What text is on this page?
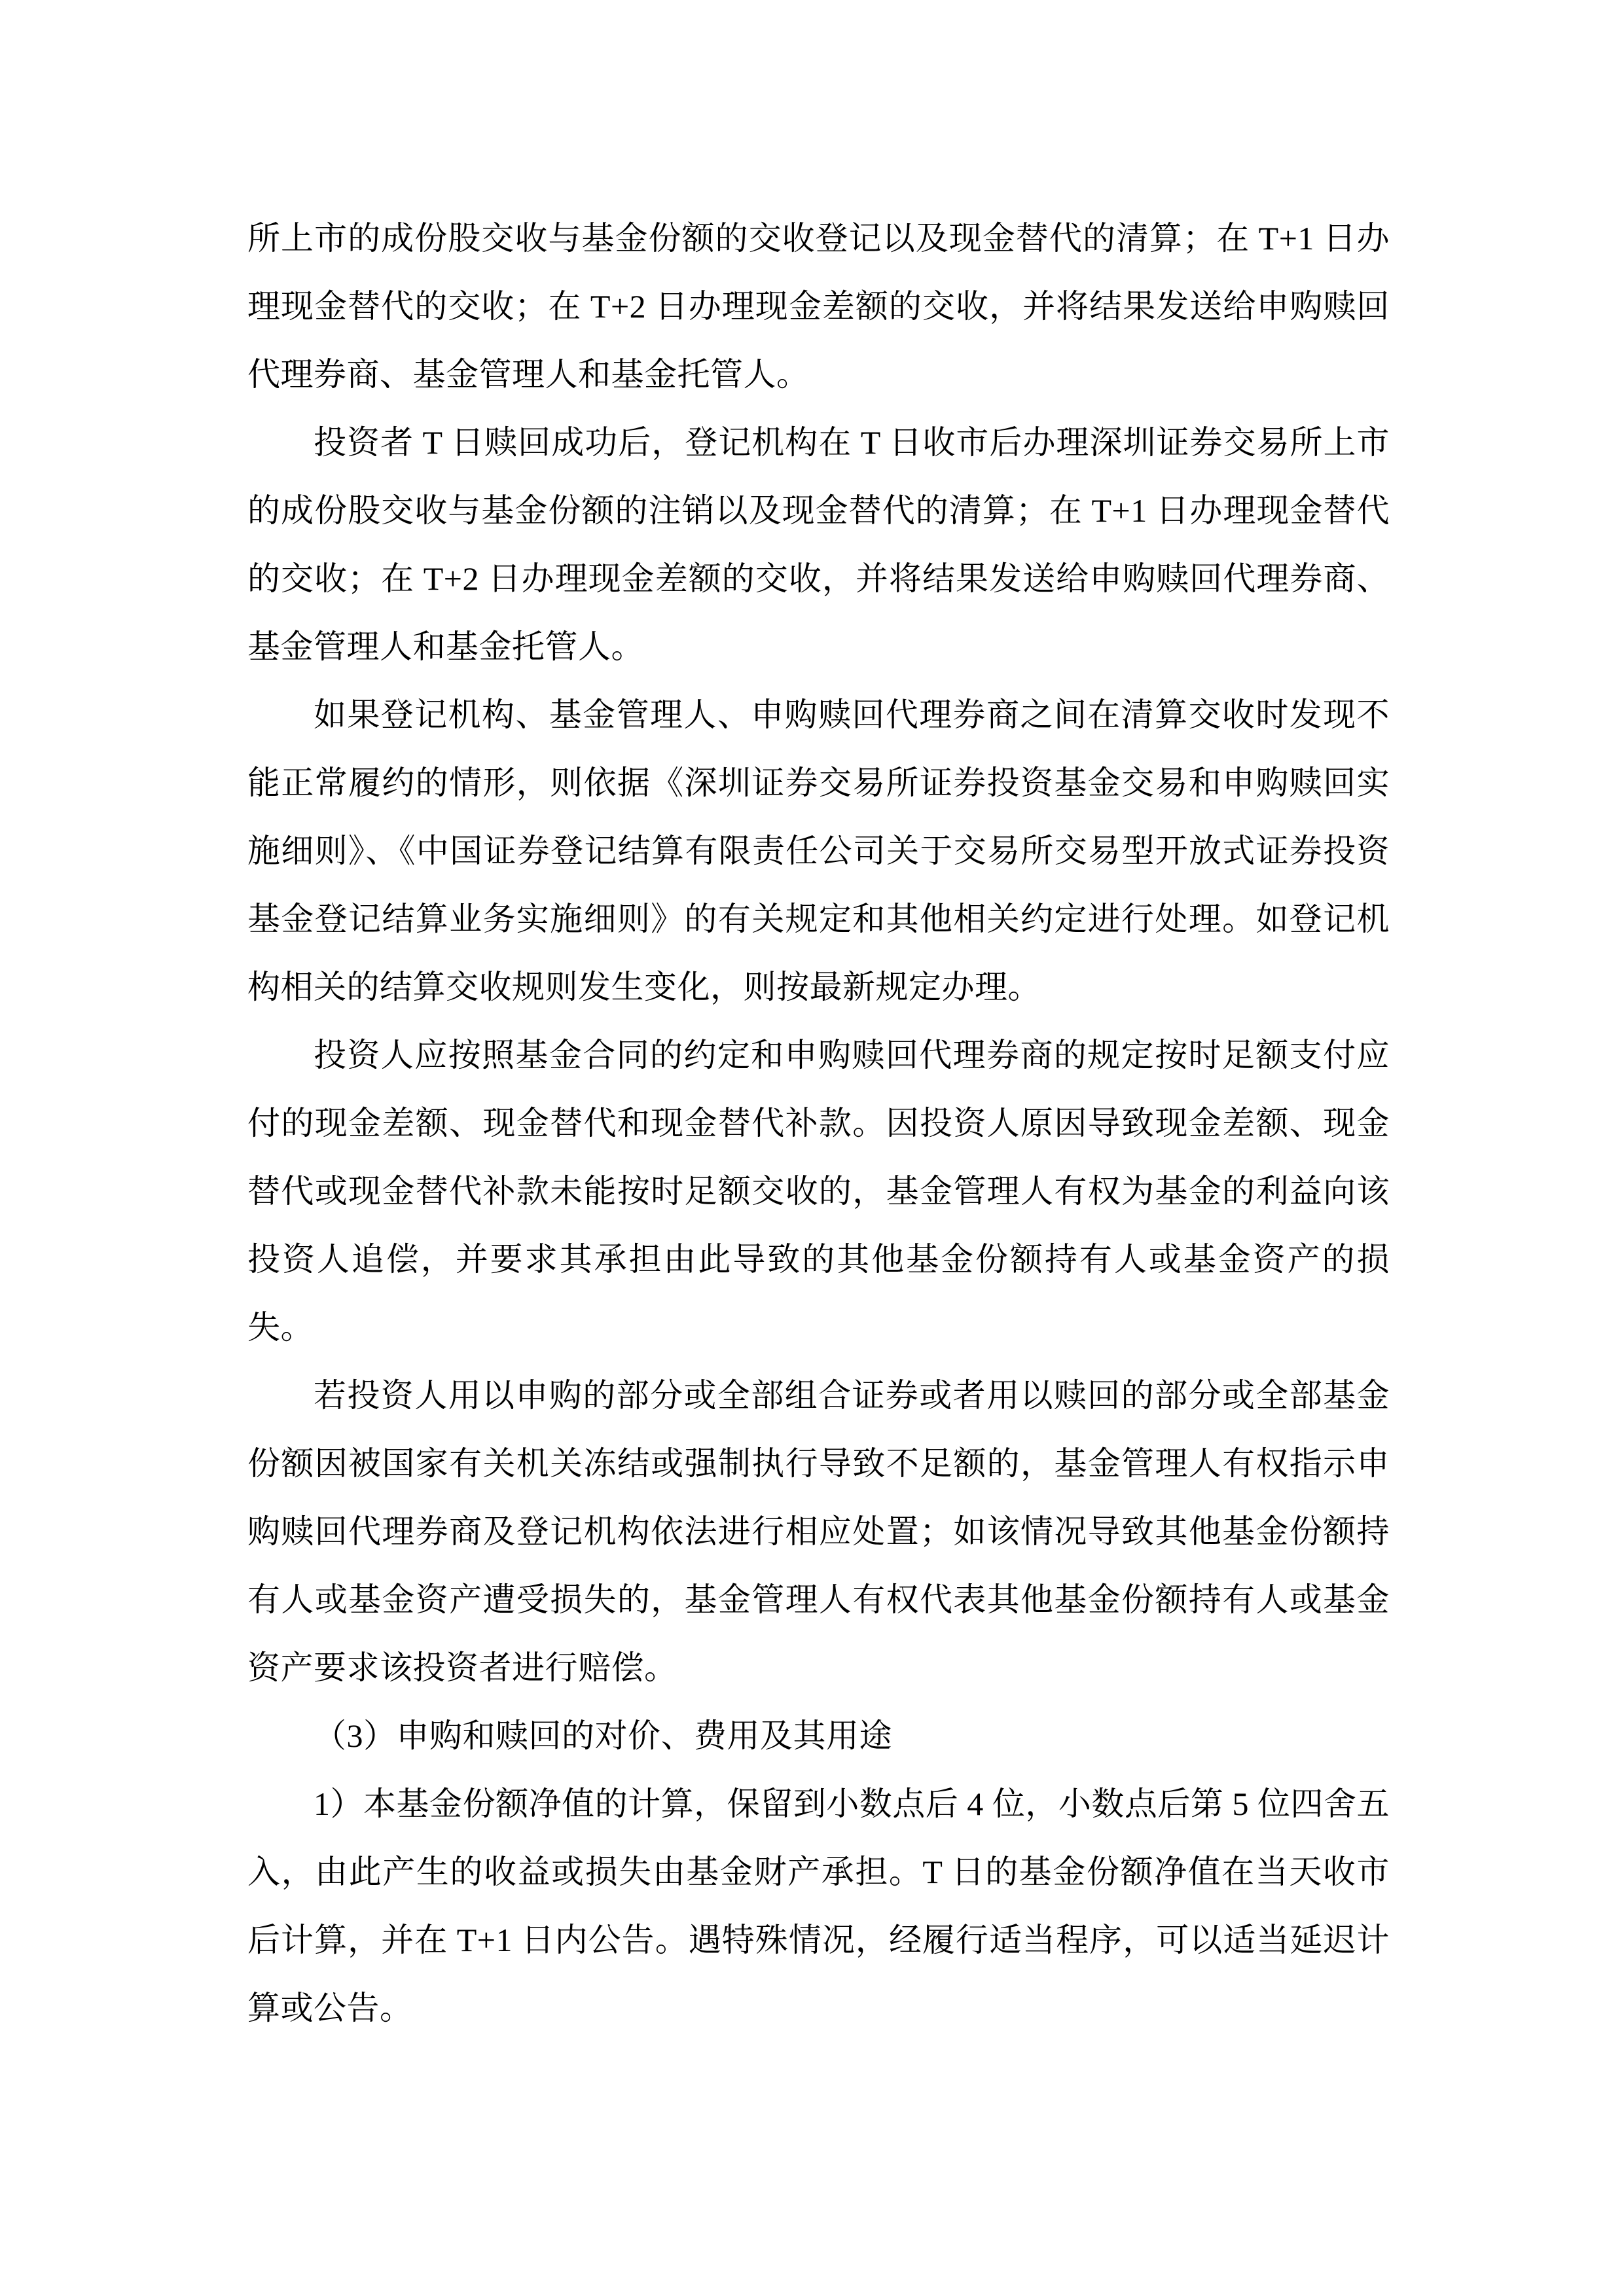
所上市的成份股交收与基金份额的交收登记以及现金替代的清算；在 T+1 日办理现金替代的交收；在 T+2 日办理现金差额的交收，并将结果发送给申购赎回代理券商、基金管理人和基金托管人。

投资者 T 日赎回成功后，登记机构在 T 日收市后办理深圳证券交易所上市的成份股交收与基金份额的注销以及现金替代的清算；在 T+1 日办理现金替代的交收；在 T+2 日办理现金差额的交收，并将结果发送给申购赎回代理券商、基金管理人和基金托管人。

如果登记机构、基金管理人、申购赎回代理券商之间在清算交收时发现不能正常履约的情形，则依据《深圳证券交易所证券投资基金交易和申购赎回实施细则》、《中国证券登记结算有限责任公司关于交易所交易型开放式证券投资基金登记结算业务实施细则》的有关规定和其他相关约定进行处理。如登记机构相关的结算交收规则发生变化，则按最新规定办理。

投资人应按照基金合同的约定和申购赎回代理券商的规定按时足额支付应付的现金差额、现金替代和现金替代补款。因投资人原因导致现金差额、现金替代或现金替代补款未能按时足额交收的，基金管理人有权为基金的利益向该投资人追偿，并要求其承担由此导致的其他基金份额持有人或基金资产的损失。

若投资人用以申购的部分或全部组合证券或者用以赎回的部分或全部基金份额因被国家有关机关冻结或强制执行导致不足额的，基金管理人有权指示申购赎回代理券商及登记机构依法进行相应处置；如该情况导致其他基金份额持有人或基金资产遭受损失的，基金管理人有权代表其他基金份额持有人或基金资产要求该投资者进行赔偿。

（3）申购和赎回的对价、费用及其用途

1）本基金份额净值的计算，保留到小数点后 4 位，小数点后第 5 位四舍五入，由此产生的收益或损失由基金财产承担。T 日的基金份额净值在当天收市后计算，并在 T+1 日内公告。遇特殊情况，经履行适当程序，可以适当延迟计算或公告。
